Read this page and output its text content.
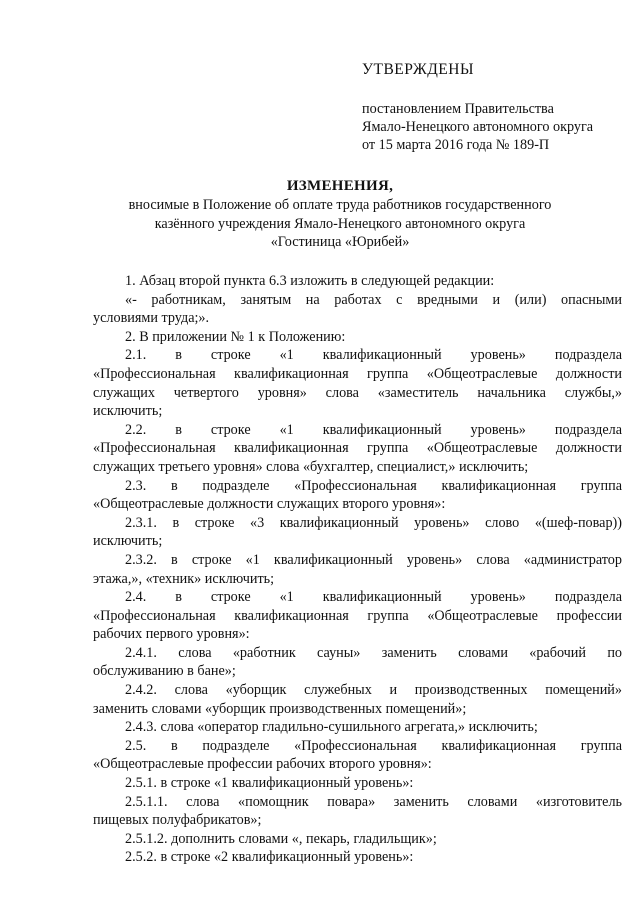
УТВЕРЖДЕНЫ
постановлением Правительства
Ямало-Ненецкого автономного округа
от 15 марта 2016 года № 189-П
ИЗМЕНЕНИЯ,
вносимые в Положение об оплате труда работников государственного
казённого учреждения Ямало-Ненецкого автономного округа
«Гостиница «Юрибей»
1. Абзац второй пункта 6.3 изложить в следующей редакции:
«- работникам, занятым на работах с вредными и (или) опасными
условиями труда;».
2. В приложении № 1 к Положению:
2.1. в строке «1 квалификационный уровень» подраздела
«Профессиональная квалификационная группа «Общеотраслевые должности
служащих четвертого уровня» слова «заместитель начальника службы,»
исключить;
2.2. в строке «1 квалификационный уровень» подраздела
«Профессиональная квалификационная группа «Общеотраслевые должности
служащих третьего уровня» слова «бухгалтер, специалист,» исключить;
2.3. в подразделе «Профессиональная квалификационная группа
«Общеотраслевые должности служащих второго уровня»:
2.3.1. в строке «3 квалификационный уровень» слово «(шеф-повар))
исключить;
2.3.2. в строке «1 квалификационный уровень» слова «администратор
этажа,», «техник» исключить;
2.4. в строке «1 квалификационный уровень» подраздела
«Профессиональная квалификационная группа «Общеотраслевые профессии
рабочих первого уровня»:
2.4.1. слова «работник сауны» заменить словами «рабочий по
обслуживанию в бане»;
2.4.2. слова «уборщик служебных и производственных помещений»
заменить словами «уборщик производственных помещений»;
2.4.3. слова «оператор гладильно-сушильного агрегата,» исключить;
2.5. в подразделе «Профессиональная квалификационная группа
«Общеотраслевые профессии рабочих второго уровня»:
2.5.1. в строке «1 квалификационный уровень»:
2.5.1.1. слова «помощник повара» заменить словами «изготовитель
пищевых полуфабрикатов»;
2.5.1.2. дополнить словами «, пекарь, гладильщик»;
2.5.2. в строке «2 квалификационный уровень»:
